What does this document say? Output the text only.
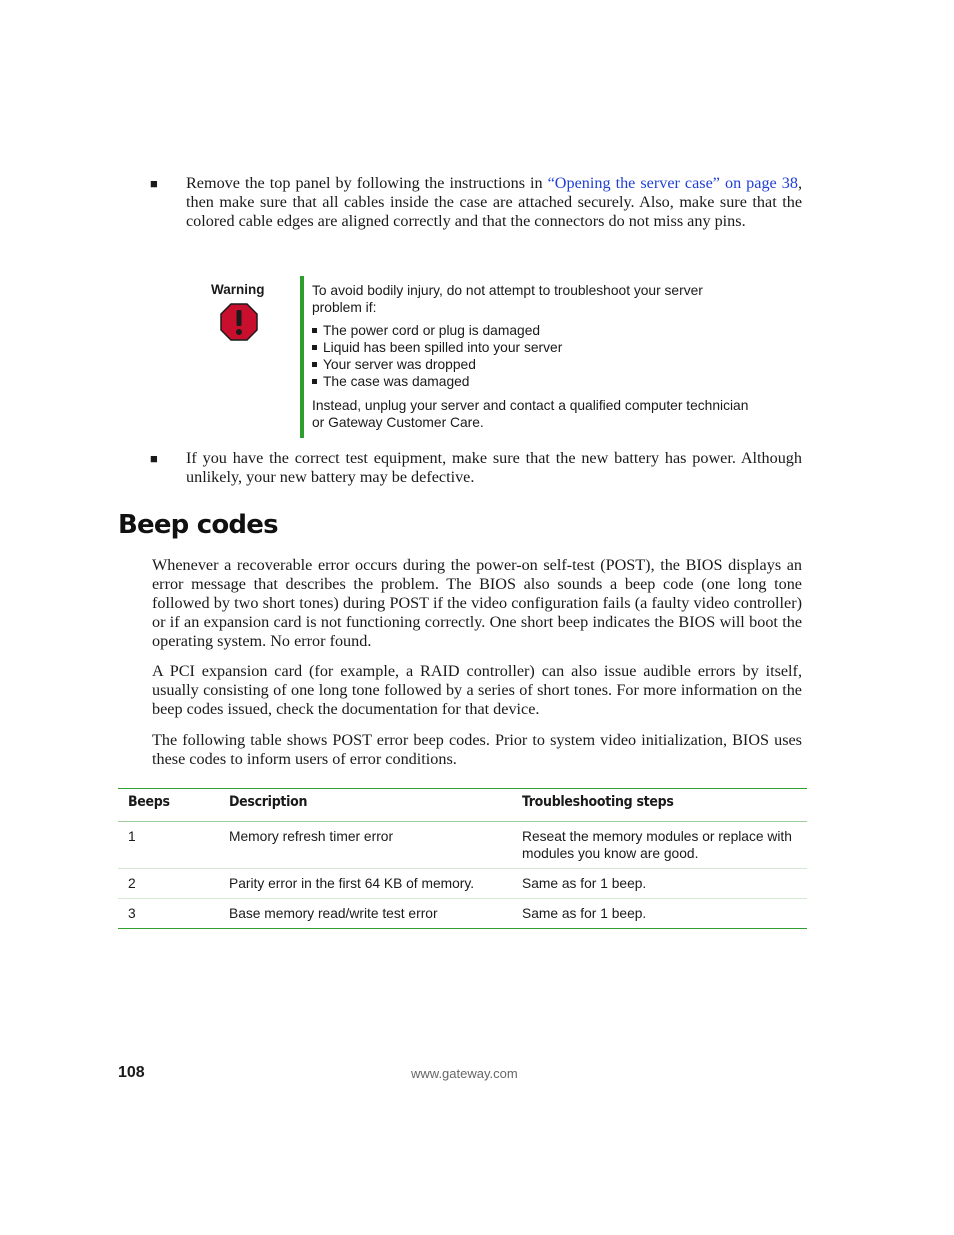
■ Remove the top panel by following the instructions in “Opening the server case” on page 38, then make sure that all cables inside the case are attached securely. Also, make sure that the colored cable edges are aligned correctly and that the connectors do not miss any pins.
Warning	To avoid bodily injury, do not attempt to troubleshoot your server problem if:

The power cord or plug is damaged
Liquid has been spilled into your server
Your server was dropped
The case was damaged

Instead, unplug your server and contact a qualified computer technician or Gateway Customer Care.

■ If you have the correct test equipment, make sure that the new battery has power. Although unlikely, your new battery may be defective.
Beep codes

Whenever a recoverable error occurs during the power-on self-test (POST), the BIOS displays an error message that describes the problem. The BIOS also sounds a beep code (one long tone followed by two short tones) during POST if the video configuration fails (a faulty video controller) or if an expansion card is not functioning correctly. One short beep indicates the BIOS will boot the operating system. No error found.

A PCI expansion card (for example, a RAID controller) can also issue audible errors by itself, usually consisting of one long tone followed by a series of short tones. For more information on the beep codes issued, check the documentation for that device.

The following table shows POST error beep codes. Prior to system video initialization, BIOS uses these codes to inform users of error conditions.

Beeps	Description	Troubleshooting steps
1	Memory refresh timer error	Reseat the memory modules or replace with modules you know are good.
2	Parity error in the first 64 KB of memory.	Same as for 1 beep.
3	Base memory read/write test error	Same as for 1 beep.
108	www.gateway.com
